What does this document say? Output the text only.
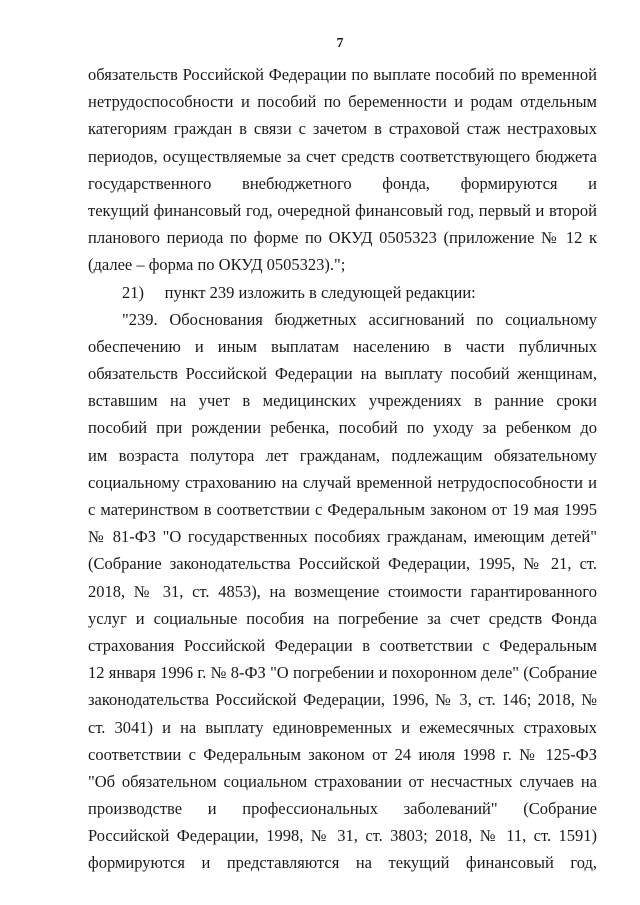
7
обязательств Российской Федерации по выплате пособий по временной
нетрудоспособности и пособий по беременности и родам отдельным
категориям граждан в связи с зачетом в страховой стаж нестраховых
периодов, осуществляемые за счет средств соответствующего бюджета
государственного внебюджетного фонда, формируются и
текущий финансовый год, очередной финансовый год, первый и второй
планового периода по форме по ОКУД 0505323 (приложение № 12 к
(далее – форма по ОКУД 0505323).";
21)     пункт 239 изложить в следующей редакции:
"239. Обоснования бюджетных ассигнований по социальному
обеспечению и иным выплатам населению в части публичных
обязательств Российской Федерации на выплату пособий женщинам,
вставшим на учет в медицинских учреждениях в ранние сроки
пособий при рождении ребенка, пособий по уходу за ребенком до
им возраста полутора лет гражданам, подлежащим обязательному
социальному страхованию на случай временной нетрудоспособности и
с материнством в соответствии с Федеральным законом от 19 мая 1995
№ 81-ФЗ "О государственных пособиях гражданам, имеющим детей"
(Собрание законодательства Российской Федерации, 1995, № 21, ст.
2018, № 31, ст. 4853), на возмещение стоимости гарантированного
услуг и социальные пособия на погребение за счет средств Фонда
страхования Российской Федерации в соответствии с Федеральным
12 января 1996 г. № 8-ФЗ "О погребении и похоронном деле" (Собрание
законодательства Российской Федерации, 1996, № 3, ст. 146; 2018, №
ст. 3041) и на выплату единовременных и ежемесячных страховых
соответствии с Федеральным законом от 24 июля 1998 г. № 125-ФЗ
"Об обязательном социальном страховании от несчастных случаев на
производстве и профессиональных заболеваний" (Собрание
Российской Федерации, 1998, № 31, ст. 3803; 2018, № 11, ст. 1591)
формируются и представляются на текущий финансовый год,
